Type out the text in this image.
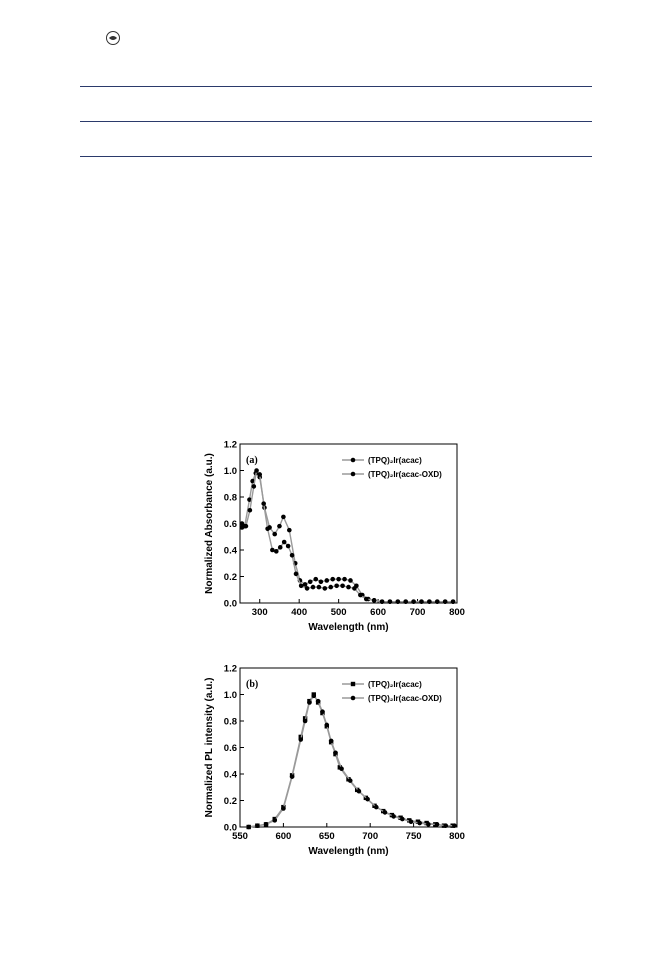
300 400 500 600 700 800
0.0
0.2
0.4
0.6
0.8
1.0
1.2
Wavelength (nm)
Normalized Absorbance (a.u.)	(a)	(TPQ)₂Ir(acac)
(TPQ)₂Ir(acac-OXD)
550	600	650	700	750	800
0.0
0.2
0.4
0.6
0.8
1.0
1.2
Wavelength (nm)
Normalized PL intensity (a.u.)	(b)	(TPQ)₂Ir(acac)
(TPQ)₂Ir(acac-OXD)
